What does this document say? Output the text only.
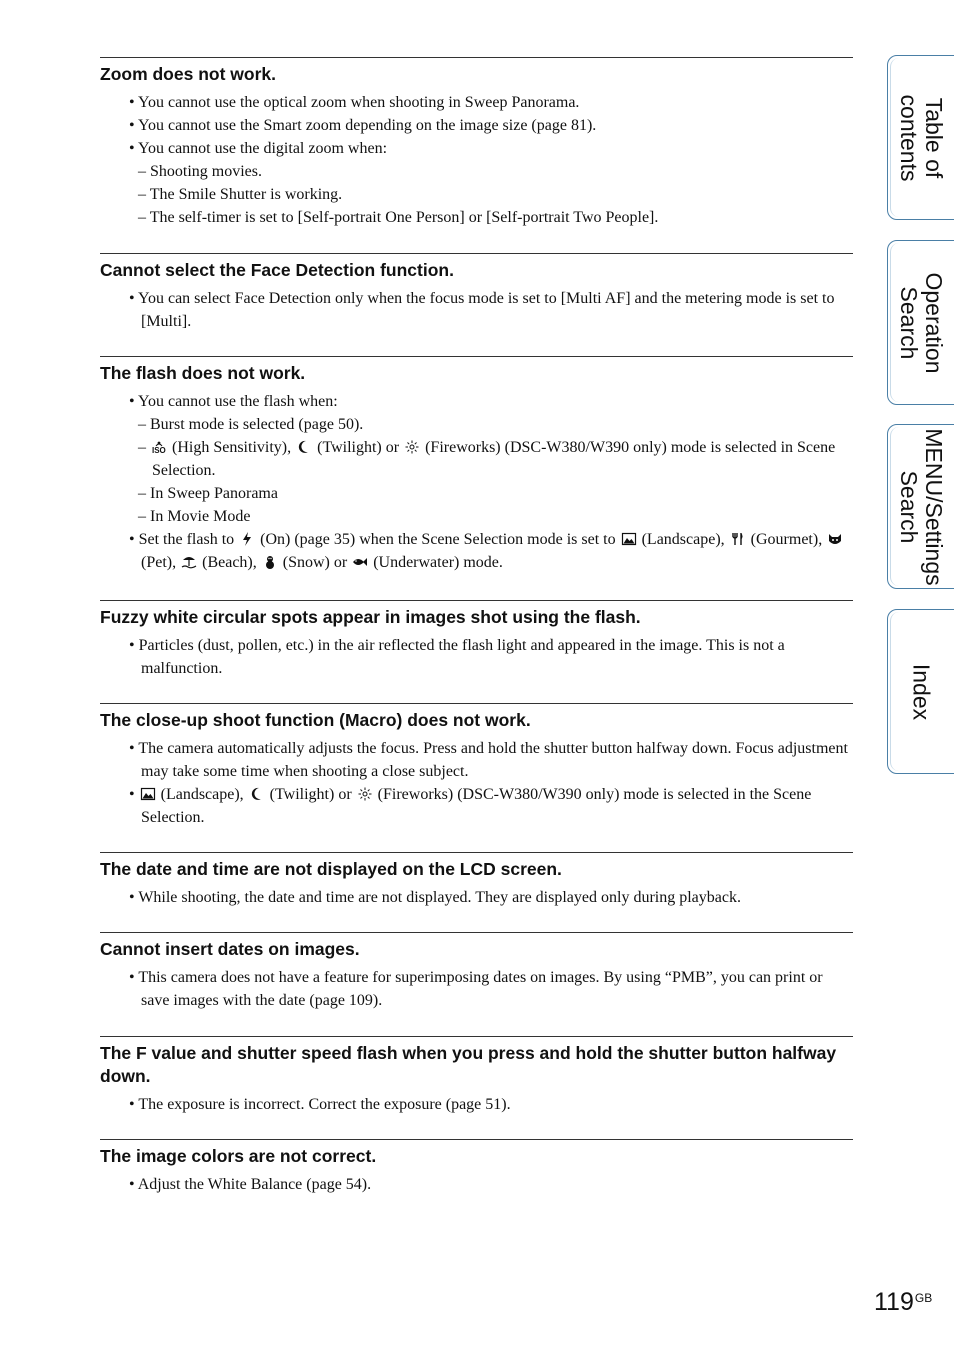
Zoom does not work.
• You cannot use the optical zoom when shooting in Sweep Panorama.
• You cannot use the Smart zoom depending on the image size (page 81).
• You cannot use the digital zoom when:
– Shooting movies.
– The Smile Shutter is working.
– The self-timer is set to [Self-portrait One Person] or [Self-portrait Two People].
Cannot select the Face Detection function.
• You can select Face Detection only when the focus mode is set to [Multi AF] and the metering mode is set to [Multi].
The flash does not work.
• You cannot use the flash when:
– Burst mode is selected (page 50).
– ISO (High Sensitivity),
(Twilight) or
(Fireworks) (DSC-W380/W390 only) mode is selected in Scene Selection.
– In Sweep Panorama
– In Movie Mode
• Set the flash to
(On) (page 35) when the Scene Selection mode is set to
(Landscape),
(Gourmet),
(Pet),
(Beach),
(Snow) or
(Underwater) mode.
Fuzzy white circular spots appear in images shot using the flash.
• Particles (dust, pollen, etc.) in the air reflected the flash light and appeared in the image. This is not a malfunction.
The close-up shoot function (Macro) does not work.
• The camera automatically adjusts the focus. Press and hold the shutter button halfway down. Focus adjustment may take some time when shooting a close subject.
•
(Landscape),
(Twilight) or
(Fireworks) (DSC-W380/W390 only) mode is selected in the Scene Selection.
The date and time are not displayed on the LCD screen.
• While shooting, the date and time are not displayed. They are displayed only during playback.
Cannot insert dates on images.
• This camera does not have a feature for superimposing dates on images. By using “PMB”, you can print or save images with the date (page 109).
The F value and shutter speed flash when you press and hold the shutter button halfway down.
• The exposure is incorrect. Correct the exposure (page 51).
The image colors are not correct.
• Adjust the White Balance (page 54).
Table of
contents
Operation
Search
MENU/Settings
Search
Index
$119^{GB}$
